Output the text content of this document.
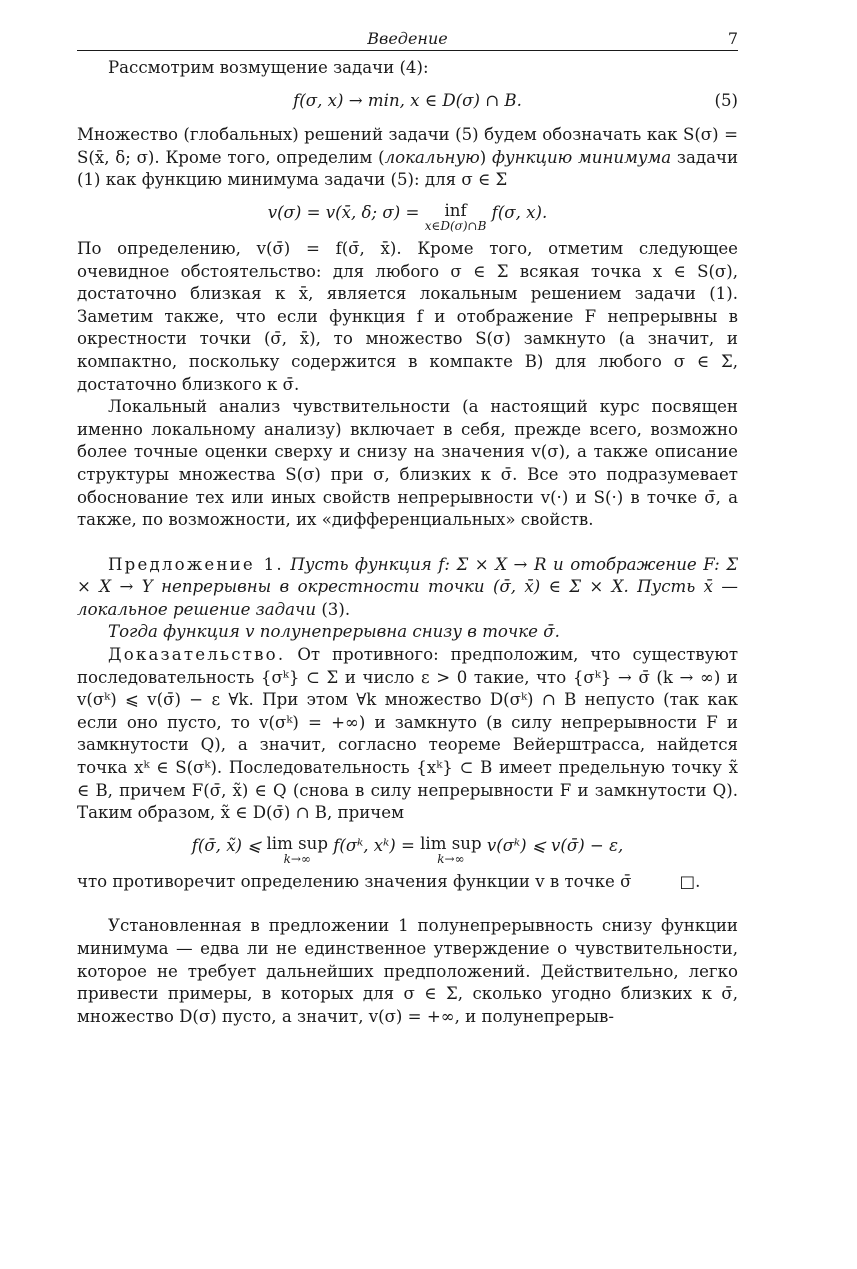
Введение	7

Рассмотрим возмущение задачи (4):

f(σ, x) → min, x ∈ D(σ) ∩ B.	(5)

Множество (глобальных) решений задачи (5) будем обозначать как S(σ) = S(x̄, δ; σ). Кроме того, определим (локальную) функцию минимума задачи (1) как функцию минимума задачи (5): для σ ∈ Σ

v(σ) = v(x̄, δ; σ) = inf
x∈D(σ)∩B
f(σ, x).

По определению, v(σ̄) = f(σ̄, x̄). Кроме того, отметим следующее очевидное обстоятельство: для любого σ ∈ Σ всякая точка x ∈ S(σ), достаточно близкая к x̄, является локальным решением задачи (1). Заметим также, что если функция f и отображение F непрерывны в окрестности точки (σ̄, x̄), то множество S(σ) замкнуто (а значит, и компактно, поскольку содержится в компакте B) для любого σ ∈ Σ, достаточно близкого к σ̄.

Локальный анализ чувствительности (а настоящий курс посвящен именно локальному анализу) включает в себя, прежде всего, возможно более точные оценки сверху и снизу на значения v(σ), а также описание структуры множества S(σ) при σ, близких к σ̄. Все это подразумевает обоснование тех или иных свойств непрерывности v(·) и S(·) в точке σ̄, а также, по возможности, их «дифференциальных» свойств.

Предложение 1. Пусть функция f: Σ × X → R и отображение F: Σ × X → Y непрерывны в окрестности точки (σ̄, x̄) ∈ Σ × X. Пусть x̄ — локальное решение задачи (3).

Тогда функция v полунепрерывна снизу в точке σ̄.

Доказательство. От противного: предположим, что существуют последовательность {σᵏ} ⊂ Σ и число ε > 0 такие, что {σᵏ} → σ̄ (k → ∞) и v(σᵏ) ⩽ v(σ̄) − ε ∀k. При этом ∀k множество D(σᵏ) ∩ B непусто (так как если оно пусто, то v(σᵏ) = +∞) и замкнуто (в силу непрерывности F и замкнутости Q), а значит, согласно теореме Вейерштрасса, найдется точка xᵏ ∈ S(σᵏ). Последовательность {xᵏ} ⊂ B имеет предельную точку x̃ ∈ B, причем F(σ̄, x̃) ∈ Q (снова в силу непрерывности F и замкнутости Q). Таким образом, x̃ ∈ D(σ̄) ∩ B, причем

f(σ̄, x̃) ⩽ lim sup
k→∞
f(σᵏ, xᵏ) = lim sup
k→∞
v(σᵏ) ⩽ v(σ̄) − ε,

что противоречит определению значения функции v в точке σ̄	□.

Установленная в предложении 1 полунепрерывность снизу функции минимума — едва ли не единственное утверждение о чувствительности, которое не требует дальнейших предположений. Действительно, легко привести примеры, в которых для σ ∈ Σ, сколько угодно близких к σ̄, множество D(σ) пусто, а значит, v(σ) = +∞, и полунепрерыв-
